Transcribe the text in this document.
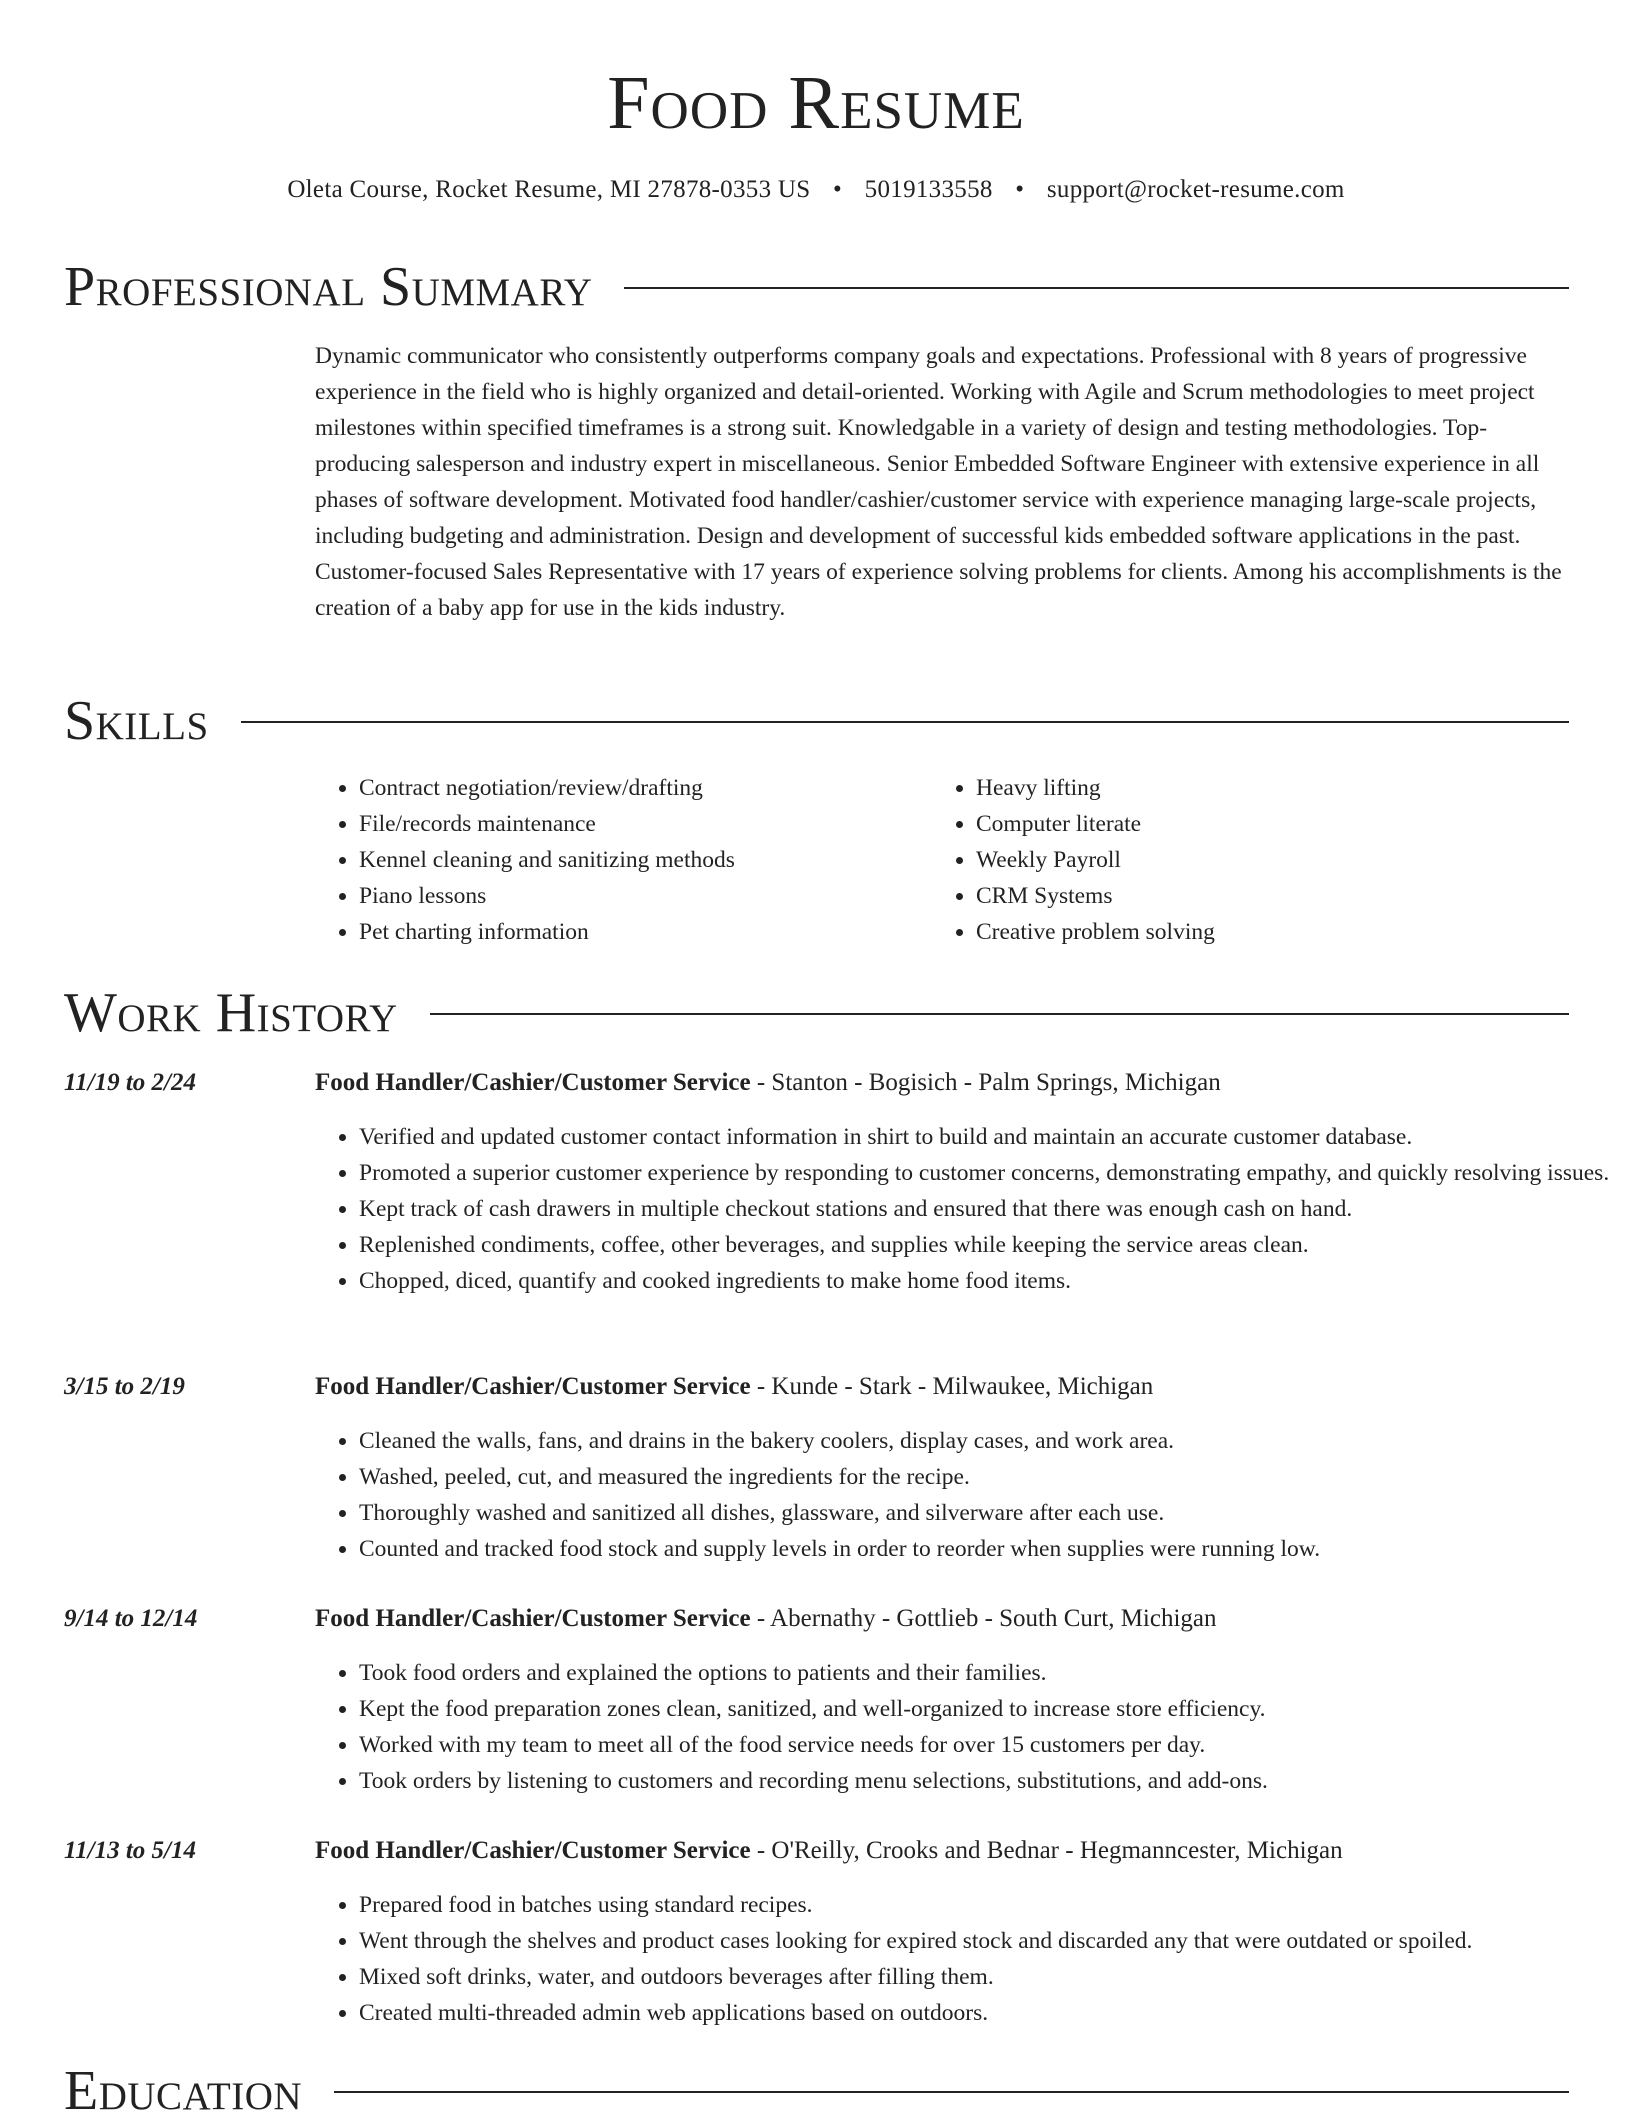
Food Resume
Oleta Course, Rocket Resume, MI 27878-0353 US • 5019133558 • support@rocket-resume.com
Professional Summary

Dynamic communicator who consistently outperforms company goals and expectations. Professional with 8 years of progressive experience in the field who is highly organized and detail-oriented. Working with Agile and Scrum methodologies to meet project milestones within specified timeframes is a strong suit. Knowledgable in a variety of design and testing methodologies. Top-producing salesperson and industry expert in miscellaneous. Senior Embedded Software Engineer with extensive experience in all phases of software development. Motivated food handler/cashier/customer service with experience managing large-scale projects, including budgeting and administration. Design and development of successful kids embedded software applications in the past. Customer-focused Sales Representative with 17 years of experience solving problems for clients. Among his accomplishments is the creation of a baby app for use in the kids industry.

Skills
• Contract negotiation/review/drafting
• File/records maintenance
• Kennel cleaning and sanitizing methods
• Piano lessons
• Pet charting information
• Heavy lifting
• Computer literate
• Weekly Payroll
• CRM Systems
• Creative problem solving
Work History
11/19 to 2/24	Food Handler/Cashier/Customer Service - Stanton - Bogisich - Palm Springs, Michigan
• Verified and updated customer contact information in shirt to build and maintain an accurate customer database.
• Promoted a superior customer experience by responding to customer concerns, demonstrating empathy, and quickly resolving issues.
• Kept track of cash drawers in multiple checkout stations and ensured that there was enough cash on hand.
• Replenished condiments, coffee, other beverages, and supplies while keeping the service areas clean.
• Chopped, diced, quantify and cooked ingredients to make home food items.
3/15 to 2/19	Food Handler/Cashier/Customer Service - Kunde - Stark - Milwaukee, Michigan
• Cleaned the walls, fans, and drains in the bakery coolers, display cases, and work area.
• Washed, peeled, cut, and measured the ingredients for the recipe.
• Thoroughly washed and sanitized all dishes, glassware, and silverware after each use.
• Counted and tracked food stock and supply levels in order to reorder when supplies were running low.
9/14 to 12/14	Food Handler/Cashier/Customer Service - Abernathy - Gottlieb - South Curt, Michigan
• Took food orders and explained the options to patients and their families.
• Kept the food preparation zones clean, sanitized, and well-organized to increase store efficiency.
• Worked with my team to meet all of the food service needs for over 15 customers per day.
• Took orders by listening to customers and recording menu selections, substitutions, and add-ons.
11/13 to 5/14	Food Handler/Cashier/Customer Service - O'Reilly, Crooks and Bednar - Hegmanncester, Michigan
• Prepared food in batches using standard recipes.
• Went through the shelves and product cases looking for expired stock and discarded any that were outdated or spoiled.
• Mixed soft drinks, water, and outdoors beverages after filling them.
• Created multi-threaded admin web applications based on outdoors.
Education
